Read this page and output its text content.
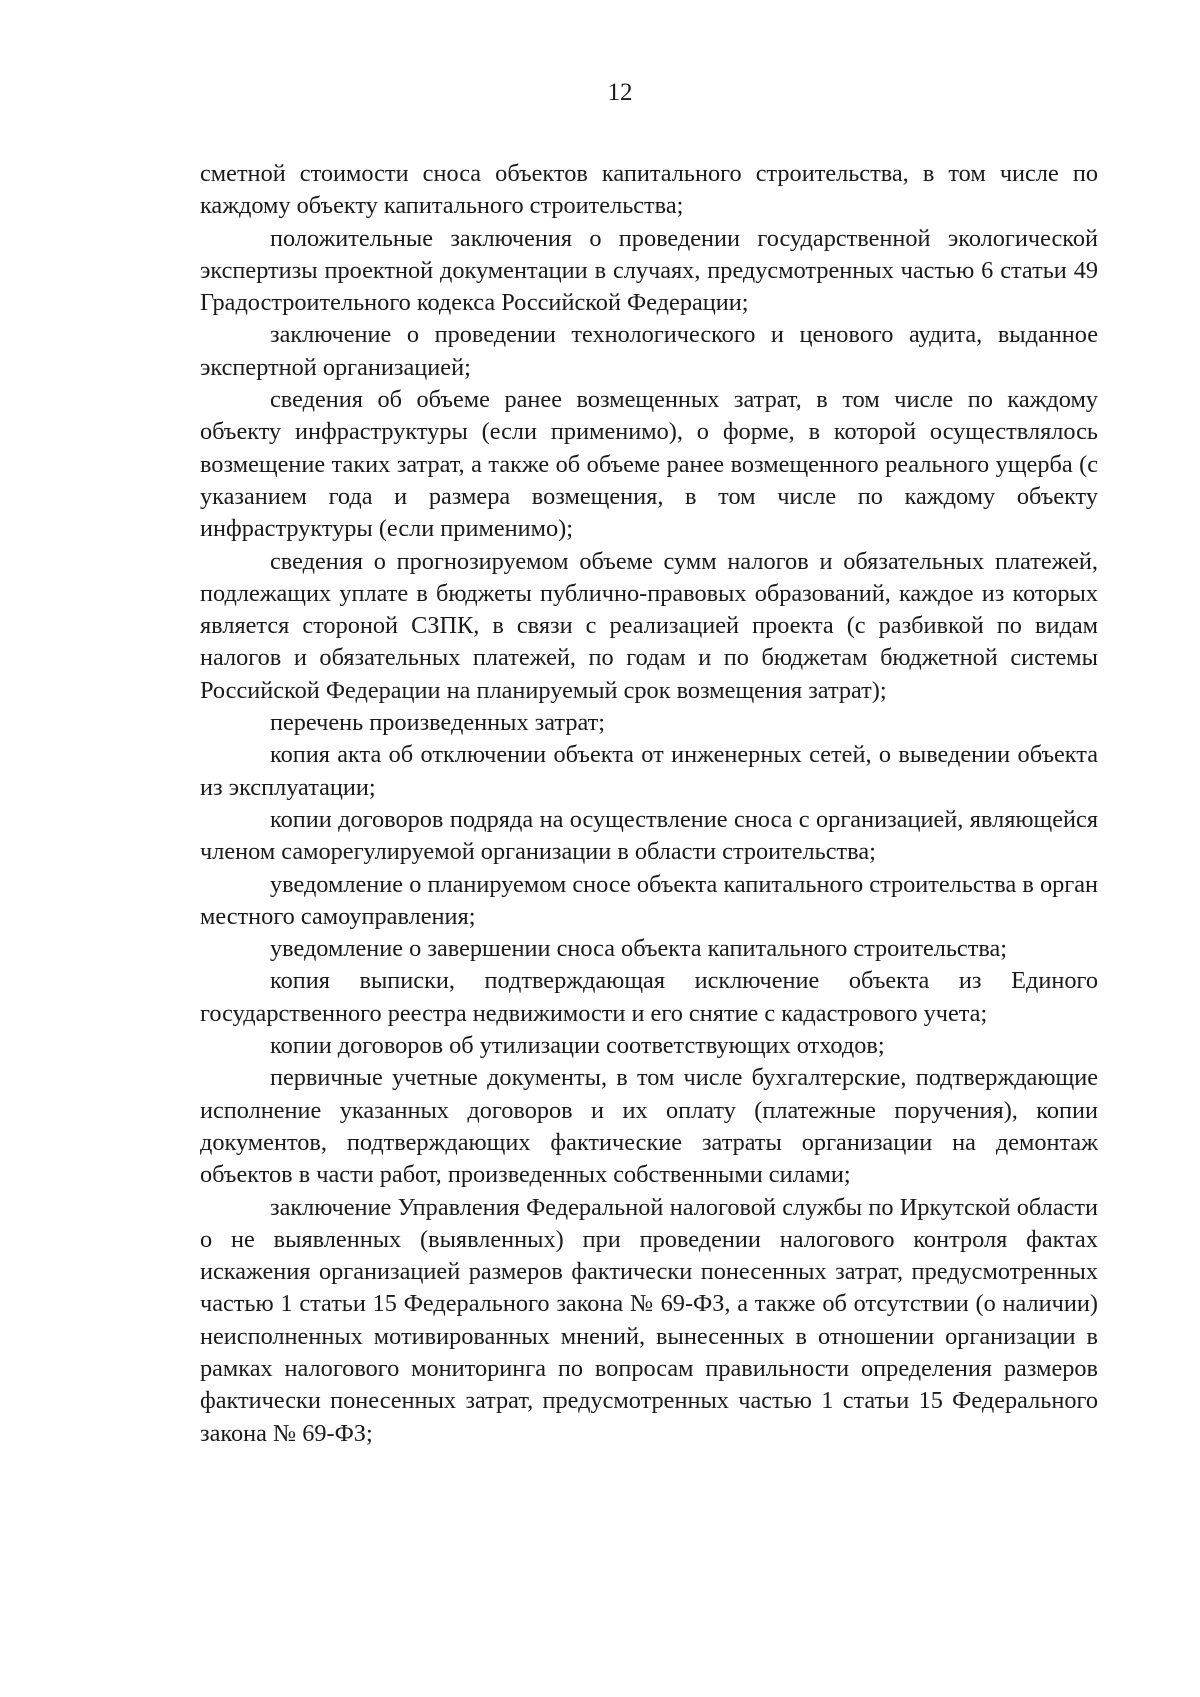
12

сметной стоимости сноса объектов капитального строительства, в том числе по каждому объекту капитального строительства;

положительные заключения о проведении государственной экологической экспертизы проектной документации в случаях, предусмотренных частью 6 статьи 49 Градостроительного кодекса Российской Федерации;

заключение о проведении технологического и ценового аудита, выданное экспертной организацией;

сведения об объеме ранее возмещенных затрат, в том числе по каждому объекту инфраструктуры (если применимо), о форме, в которой осуществлялось возмещение таких затрат, а также об объеме ранее возмещенного реального ущерба (с указанием года и размера возмещения, в том числе по каждому объекту инфраструктуры (если применимо);

сведения о прогнозируемом объеме сумм налогов и обязательных платежей, подлежащих уплате в бюджеты публично-правовых образований, каждое из которых является стороной СЗПК, в связи с реализацией проекта (с разбивкой по видам налогов и обязательных платежей, по годам и по бюджетам бюджетной системы Российской Федерации на планируемый срок возмещения затрат);

перечень произведенных затрат;

копия акта об отключении объекта от инженерных сетей, о выведении объекта из эксплуатации;

копии договоров подряда на осуществление сноса с организацией, являющейся членом саморегулируемой организации в области строительства;

уведомление о планируемом сносе объекта капитального строительства в орган местного самоуправления;

уведомление о завершении сноса объекта капитального строительства;

копия выписки, подтверждающая исключение объекта из Единого государственного реестра недвижимости и его снятие с кадастрового учета;

копии договоров об утилизации соответствующих отходов;

первичные учетные документы, в том числе бухгалтерские, подтверждающие исполнение указанных договоров и их оплату (платежные поручения), копии документов, подтверждающих фактические затраты организации на демонтаж объектов в части работ, произведенных собственными силами;

заключение Управления Федеральной налоговой службы по Иркутской области о не выявленных (выявленных) при проведении налогового контроля фактах искажения организацией размеров фактически понесенных затрат, предусмотренных частью 1 статьи 15 Федерального закона № 69-ФЗ, а также об отсутствии (о наличии) неисполненных мотивированных мнений, вынесенных в отношении организации в рамках налогового мониторинга по вопросам правильности определения размеров фактически понесенных затрат, предусмотренных частью 1 статьи 15 Федерального закона № 69-ФЗ;
